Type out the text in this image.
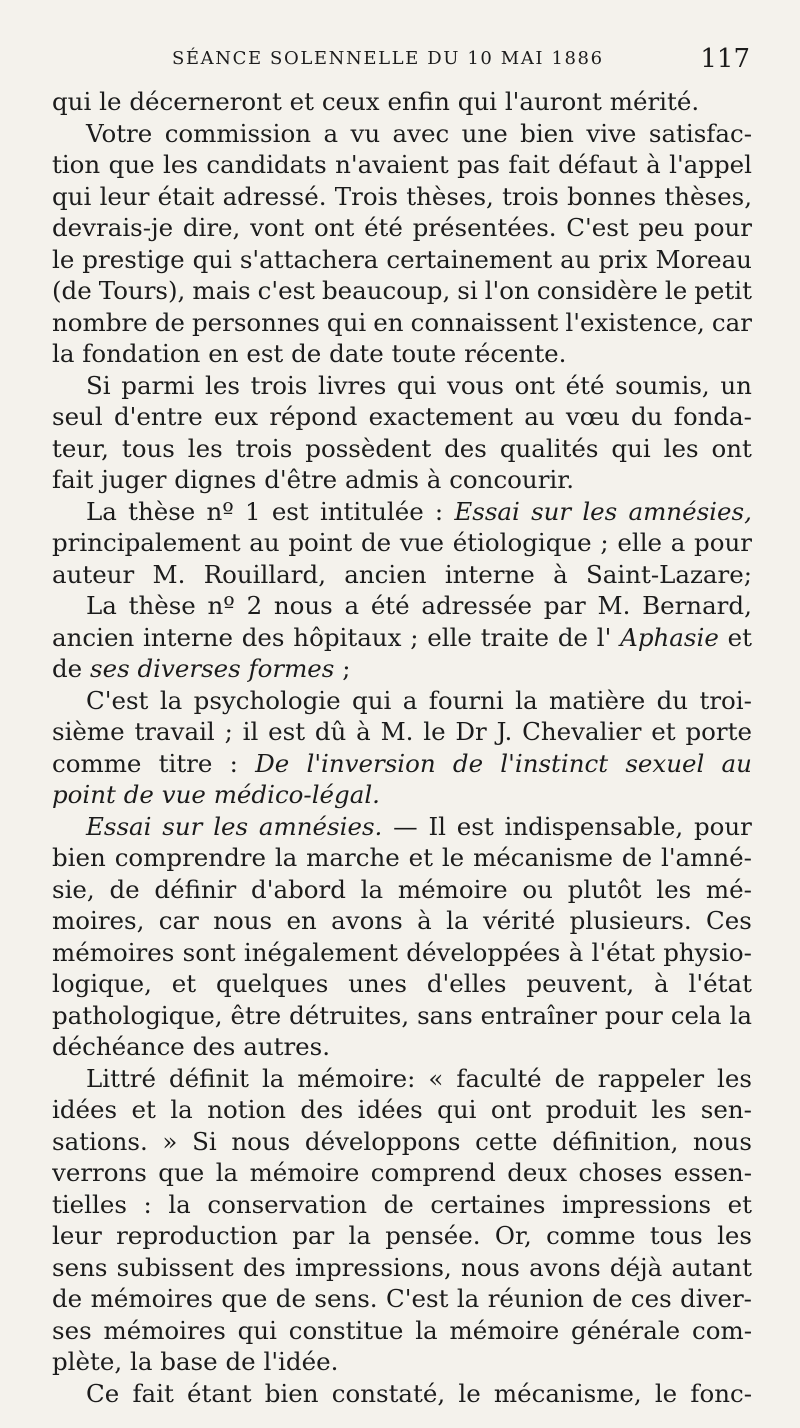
SÉANCE SOLENNELLE DU 10 MAI 1886	117
qui le décerneront et ceux enfin qui l'auront mérité.
Votre commission a vu avec une bien vive satisfac-
tion que les candidats n'avaient pas fait défaut à l'appel
qui leur était adressé. Trois thèses, trois bonnes thèses,
devrais-je dire, vont ont été présentées. C'est peu pour
le prestige qui s'attachera certainement au prix Moreau
(de Tours), mais c'est beaucoup, si l'on considère le petit
nombre de personnes qui en connaissent l'existence, car
la fondation en est de date toute récente.
Si parmi les trois livres qui vous ont été soumis, un
seul d'entre eux répond exactement au vœu du fonda-
teur, tous les trois possèdent des qualités qui les ont
fait juger dignes d'être admis à concourir.
La thèse nº 1 est intitulée : Essai sur les amnésies,
principalement au point de vue étiologique ; elle a pour
auteur M. Rouillard, ancien interne à Saint-Lazare;
La thèse nº 2 nous a été adressée par M. Bernard,
ancien interne des hôpitaux ; elle traite de l' Aphasie et
de ses diverses formes ;
C'est la psychologie qui a fourni la matière du troi-
sième travail ; il est dû à M. le Dr J. Chevalier et porte
comme titre : De l'inversion de l'instinct sexuel au
point de vue médico-légal.
Essai sur les amnésies. — Il est indispensable, pour
bien comprendre la marche et le mécanisme de l'amné-
sie, de définir d'abord la mémoire ou plutôt les mé-
moires, car nous en avons à la vérité plusieurs. Ces
mémoires sont inégalement développées à l'état physio-
logique, et quelques unes d'elles peuvent, à l'état
pathologique, être détruites, sans entraîner pour cela la
déchéance des autres.
Littré définit la mémoire: « faculté de rappeler les
idées et la notion des idées qui ont produit les sen-
sations. » Si nous développons cette définition, nous
verrons que la mémoire comprend deux choses essen-
tielles : la conservation de certaines impressions et
leur reproduction par la pensée. Or, comme tous les
sens subissent des impressions, nous avons déjà autant
de mémoires que de sens. C'est la réunion de ces diver-
ses mémoires qui constitue la mémoire générale com-
plète, la base de l'idée.
Ce fait étant bien constaté, le mécanisme, le fonc-
